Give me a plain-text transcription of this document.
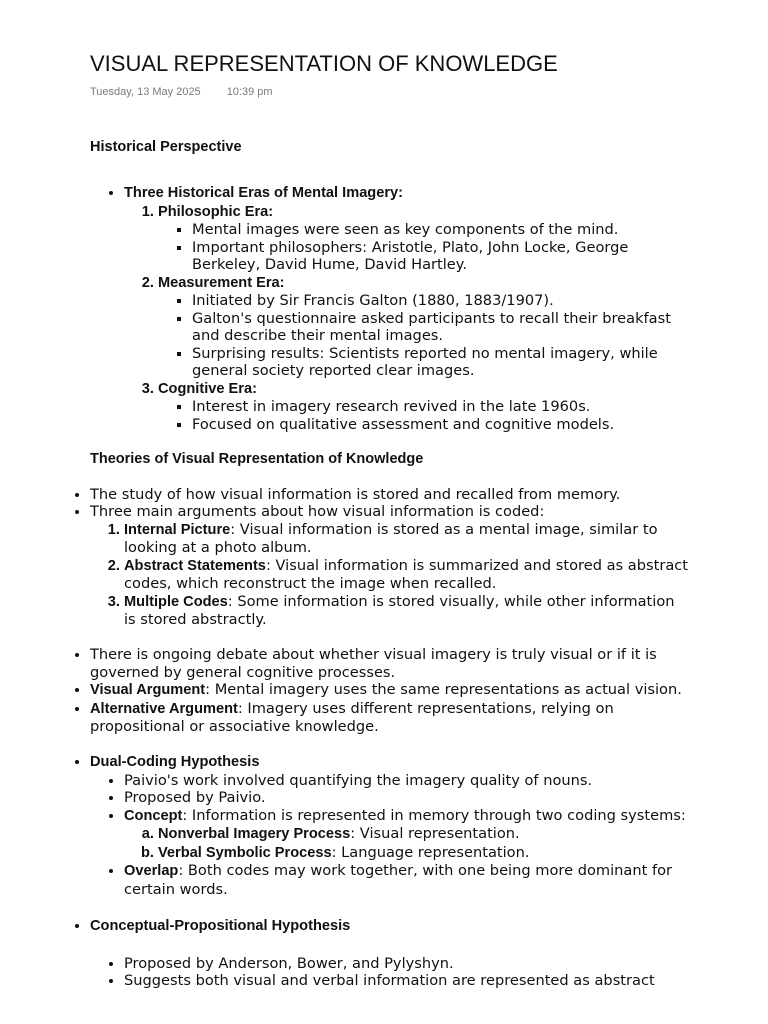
VISUAL REPRESENTATION OF KNOWLEDGE
Tuesday, 13 May 2025 10:39 pm

Historical Perspective

• Three Historical Eras of Mental Imagery:
1. Philosophic Era:
▪ Mental images were seen as key components of the mind.
▪ Important philosophers: Aristotle, Plato, John Locke, George Berkeley, David Hume, David Hartley.
2. Measurement Era:
▪ Initiated by Sir Francis Galton (1880, 1883/1907).
▪ Galton's questionnaire asked participants to recall their breakfast and describe their mental images.
▪ Surprising results: Scientists reported no mental imagery, while general society reported clear images.
3. Cognitive Era:
▪ Interest in imagery research revived in the late 1960s.
▪ Focused on qualitative assessment and cognitive models.

Theories of Visual Representation of Knowledge

• The study of how visual information is stored and recalled from memory.
• Three main arguments about how visual information is coded:
1. Internal Picture: Visual information is stored as a mental image, similar to looking at a photo album.
2. Abstract Statements: Visual information is summarized and stored as abstract codes, which reconstruct the image when recalled.
3. Multiple Codes: Some information is stored visually, while other information is stored abstractly.
• There is ongoing debate about whether visual imagery is truly visual or if it is governed by general cognitive processes.
• Visual Argument: Mental imagery uses the same representations as actual vision.
• Alternative Argument: Imagery uses different representations, relying on propositional or associative knowledge.
• Dual-Coding Hypothesis
• Paivio's work involved quantifying the imagery quality of nouns.
• Proposed by Paivio.
• Concept: Information is represented in memory through two coding systems:
a. Nonverbal Imagery Process: Visual representation.
b. Verbal Symbolic Process: Language representation.
• Overlap: Both codes may work together, with one being more dominant for certain words.
• Conceptual-Propositional Hypothesis
• Proposed by Anderson, Bower, and Pylyshyn.
• Suggests both visual and verbal information are represented as abstract
